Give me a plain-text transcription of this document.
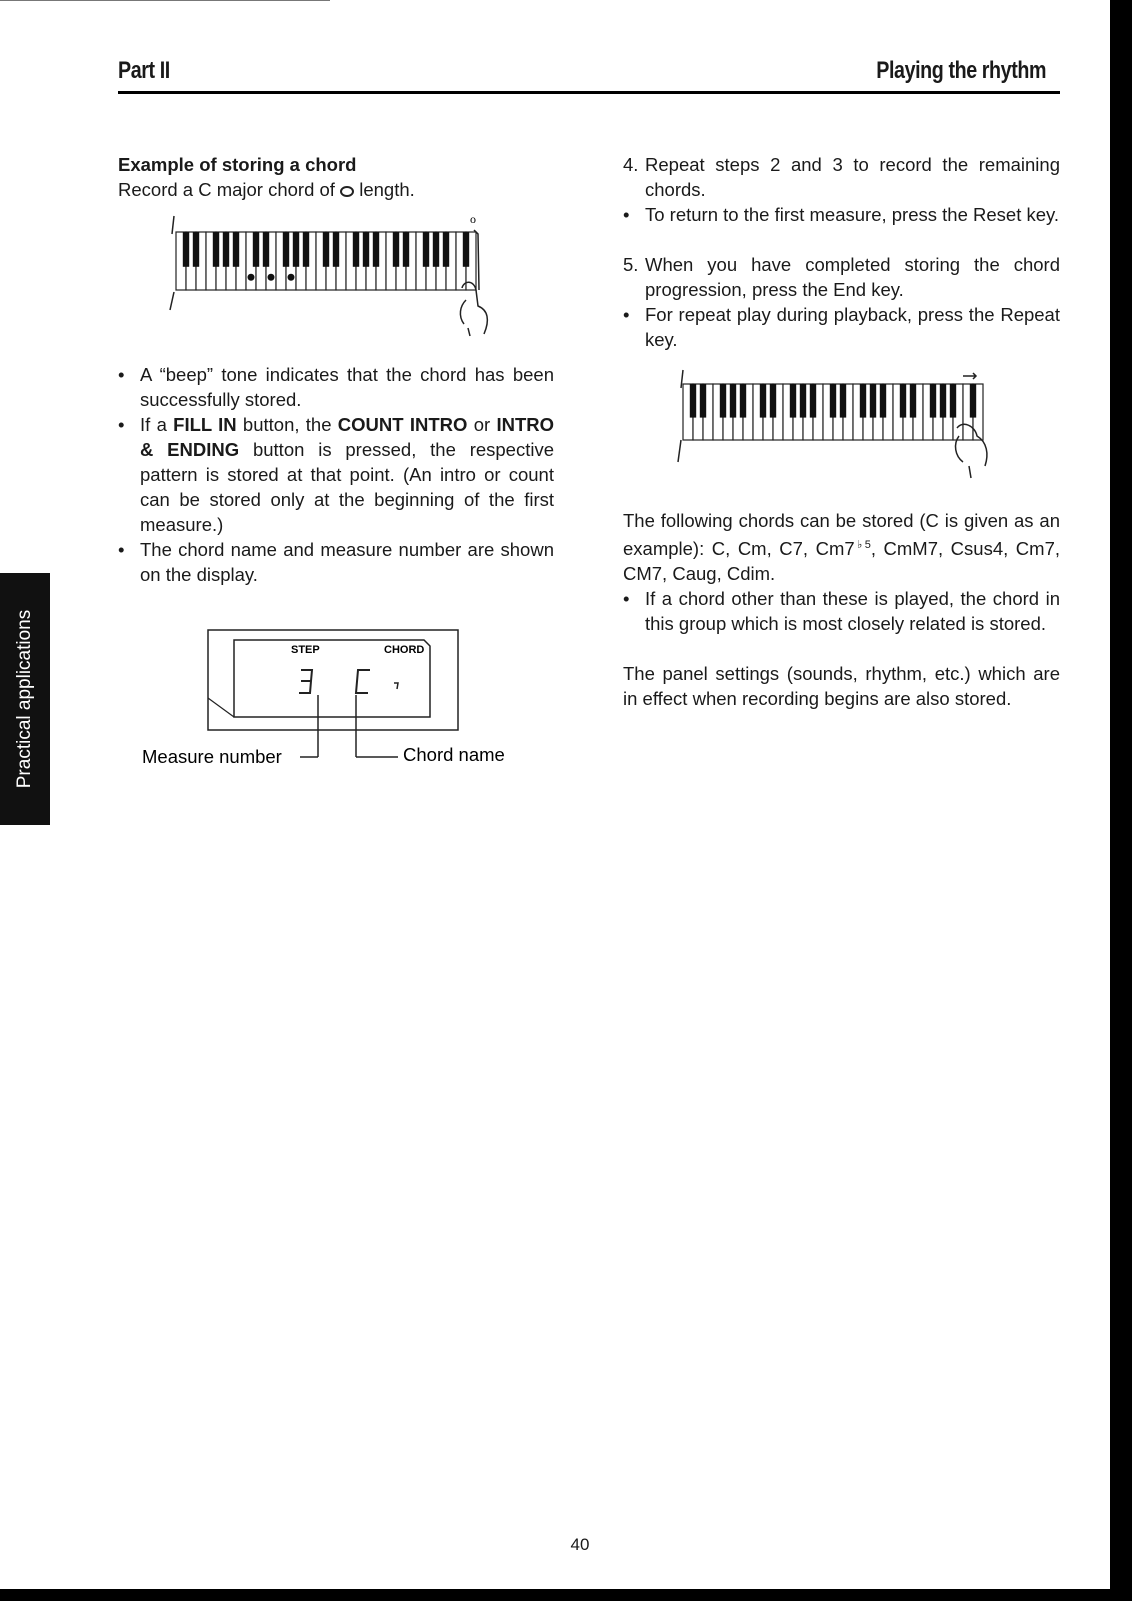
Part II	Playing the rhythm
Practical applications

Example of storing a chord

Record a C major chord of length.

o

• A “beep” tone indicates that the chord has been successfully stored.

• If a FILL IN button, the COUNT INTRO or INTRO & ENDING button is pressed, the respective pattern is stored at that point. (An intro or count can be stored only at the beginning of the first measure.)

• The chord name and measure number are shown on the display.

STEP	CHORD
Measure number	Chord name

4. Repeat steps 2 and 3 to record the remaining chords.

• To return to the first measure, press the Reset key.

5. When you have completed storing the chord progression, press the End key.

• For repeat play during playback, press the Repeat key.

The following chords can be stored (C is given as an example): C, Cm, C7, $Cm7^{♭5}$, CmM7, Csus4, Cm7, CM7, Caug, Cdim.

• If a chord other than these is played, the chord in this group which is most closely related is stored.

The panel settings (sounds, rhythm, etc.) which are in effect when recording begins are also stored.

40
